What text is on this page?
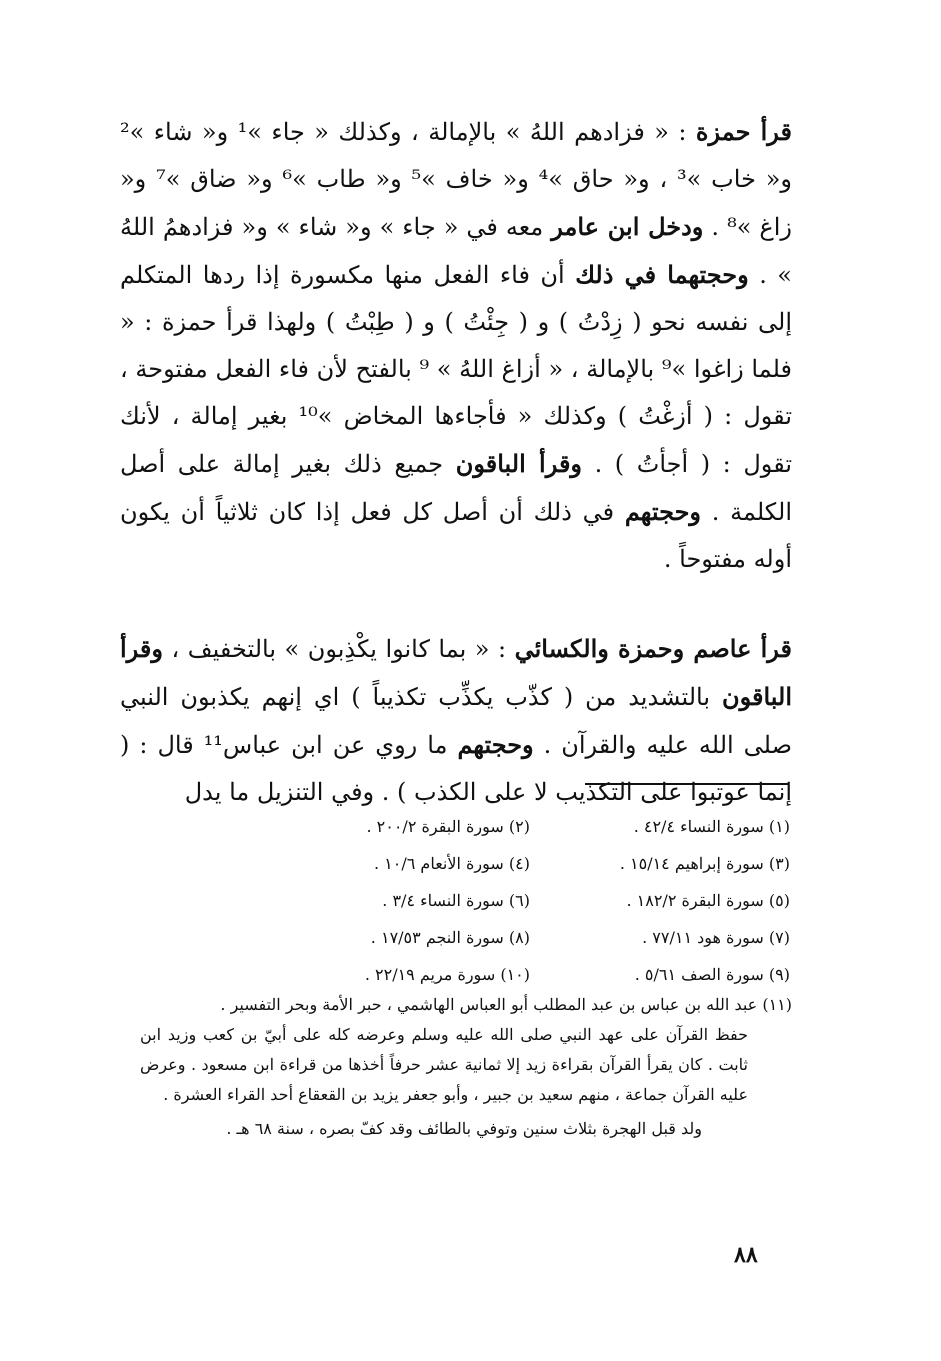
قرأ حمزة : « فزادهم اللهُ » بالإمالة ، وكذلك « جاء »¹ و« شاء »² و« خاب »³ ، و« حاق »⁴ و« خاف »⁵ و« طاب »⁶ و« ضاق »⁷ و« زاغ »⁸ . ودخل ابن عامر معه في « جاء » و« شاء » و« فزادهمُ اللهُ » . وحجتهما في ذلك أن فاء الفعل منها مكسورة إذا ردها المتكلم إلى نفسه نحو ( زِدْتُ ) و ( جِئْتُ ) و ( طِبْتُ ) ولهذا قرأ حمزة : « فلما زاغوا »⁹ بالإمالة ، « أزاغ اللهُ » ⁹ بالفتح لأن فاء الفعل مفتوحة ، تقول : ( أزغْتُ ) وكذلك « فأجاءها المخاض »¹⁰ بغير إمالة ، لأنك تقول : ( أجأتُ ) . وقرأ الباقون جميع ذلك بغير إمالة على أصل الكلمة . وحجتهم في ذلك أن أصل كل فعل إذا كان ثلاثياً أن يكون أوله مفتوحاً .

قرأ عاصم وحمزة والكسائي : « بما كانوا يكْذِبون » بالتخفيف ، وقرأ الباقون بالتشديد من ( كذّب يكذِّب تكذيباً ) اي إنهم يكذبون النبي صلى الله عليه والقرآن . وحجتهم ما روي عن ابن عباس¹¹ قال : ( إنما عوتبوا على التكذيب لا على الكذب ) . وفي التنزيل ما يدل

(١) سورة النساء ٤٢/٤ .
(٢) سورة البقرة ٢٠٠/٢ .
(٣) سورة إبراهيم ١٥/١٤ .
(٤) سورة الأنعام ١٠/٦ .
(٥) سورة البقرة ١٨٢/٢ .
(٦) سورة النساء ٣/٤ .
(٧) سورة هود ٧٧/١١ .
(٨) سورة النجم ١٧/٥٣ .
(٩) سورة الصف ٥/٦١ .
(١٠) سورة مريم ٢٢/١٩ .
(١١) عبد الله بن عباس بن عبد المطلب أبو العباس الهاشمي ، حبر الأمة وبحر التفسير .
حفظ القرآن على عهد النبي صلى الله عليه وسلم وعرضه كله على أبيّ بن كعب وزيد ابن ثابت . كان يقرأ القرآن بقراءة زيد إلا ثمانية عشر حرفاً أخذها من قراءة ابن مسعود . وعرض عليه القرآن جماعة ، منهم سعيد بن جبير ، وأبو جعفر يزيد بن القعقاع أحد القراء العشرة .
ولد قبل الهجرة بثلاث سنين وتوفي بالطائف وقد كفّ بصره ، سنة ٦٨ هـ .
٨٨
